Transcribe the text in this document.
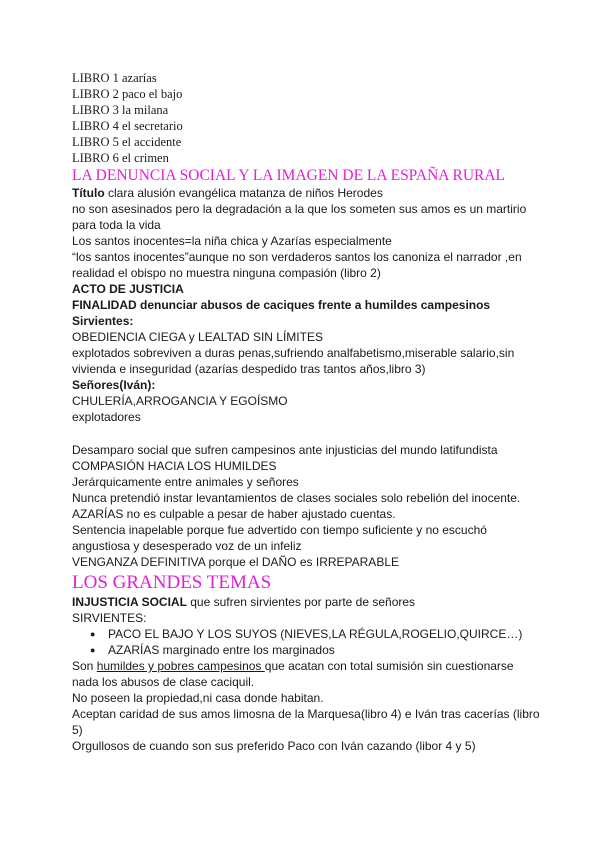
LIBRO 1 azarías
LIBRO 2 paco el bajo
LIBRO 3 la milana
LIBRO 4 el secretario
LIBRO 5 el accidente
LIBRO 6 el crimen

LA DENUNCIA SOCIAL Y LA IMAGEN DE LA ESPAÑA RURAL

Título clara alusión evangélica matanza de niños Herodes

no son asesinados pero la degradación a la que los someten sus amos es un martirio para toda la vida

Los santos inocentes=la niña chica y Azarías especialmente

“los santos inocentes”aunque no son verdaderos santos los canoniza el narrador ,en realidad el obispo no muestra ninguna compasión (libro 2)

ACTO DE JUSTICIA

FINALIDAD denunciar abusos de caciques frente a humildes campesinos

Sirvientes:

OBEDIENCIA CIEGA y LEALTAD SIN LÍMITES

explotados sobreviven a duras penas,sufriendo analfabetismo,miserable salario,sin vivienda e inseguridad (azarías despedido tras tantos años,libro 3)

Señores(Iván):

CHULERÍA,ARROGANCIA Y EGOÍSMO

explotadores

Desamparo social que sufren campesinos ante injusticias del mundo latifundista

COMPASIÓN HACIA LOS HUMILDES

Jerárquicamente entre animales y señores

Nunca pretendió instar levantamientos de clases sociales solo rebelión del inocente.

AZARÍAS no es culpable a pesar de haber ajustado cuentas.

Sentencia inapelable porque fue advertido con tiempo suficiente y no escuchó angustiosa y desesperado voz de un infeliz

VENGANZA DEFINITIVA porque el DAÑO es IRREPARABLE

LOS GRANDES TEMAS

INJUSTICIA SOCIAL que sufren sirvientes por parte de señores

SIRVIENTES:

● PACO EL BAJO Y LOS SUYOS (NIEVES,LA RÉGULA,ROGELIO,QUIRCE…)
● AZARÍAS marginado entre los marginados

Son humildes y pobres campesinos que acatan con total sumisión sin cuestionarse nada los abusos de clase caciquil.

No poseen la propiedad,ni casa donde habitan.

Aceptan caridad de sus amos limosna de la Marquesa(libro 4) e Iván tras cacerías (libro 5)

Orgullosos de cuando son sus preferido Paco con Iván cazando (libor 4 y 5)
